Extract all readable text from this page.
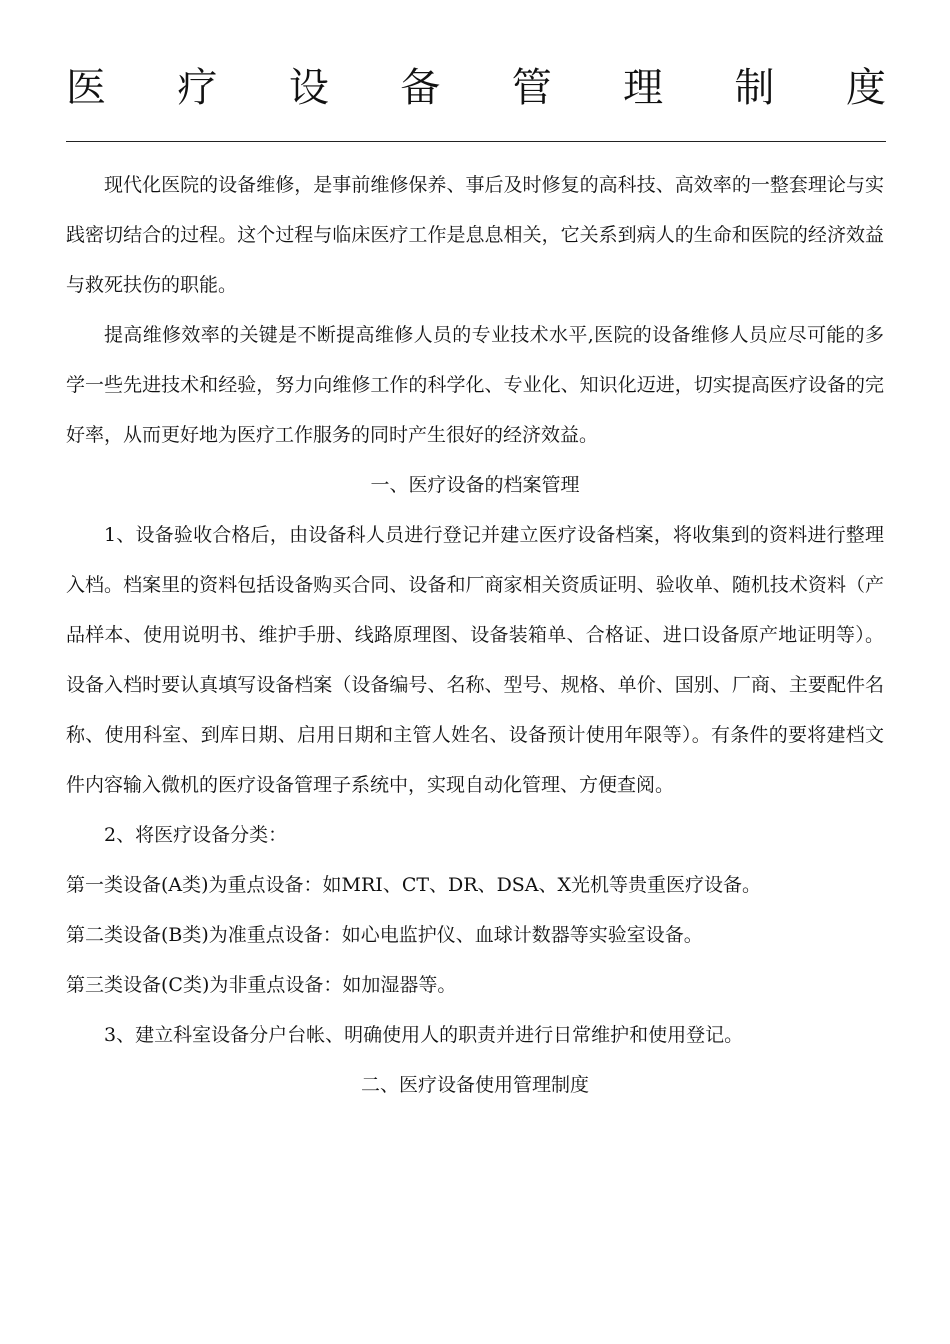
医 疗 设 备 管 理 制 度

现代化医院的设备维修，是事前维修保养、事后及时修复的高科技、高效率的一整套理论与实践密切结合的过程。这个过程与临床医疗工作是息息相关，它关系到病人的生命和医院的经济效益与救死扶伤的职能。

提高维修效率的关键是不断提高维修人员的专业技术水平,医院的设备维修人员应尽可能的多学一些先进技术和经验，努力向维修工作的科学化、专业化、知识化迈进，切实提高医疗设备的完好率，从而更好地为医疗工作服务的同时产生很好的经济效益。

一、医疗设备的档案管理

1、设备验收合格后，由设备科人员进行登记并建立医疗设备档案，将收集到的资料进行整理入档。档案里的资料包括设备购买合同、设备和厂商家相关资质证明、验收单、随机技术资料（产品样本、使用说明书、维护手册、线路原理图、设备装箱单、合格证、进口设备原产地证明等）。设备入档时要认真填写设备档案（设备编号、名称、型号、规格、单价、国别、厂商、主要配件名称、使用科室、到库日期、启用日期和主管人姓名、设备预计使用年限等）。有条件的要将建档文件内容输入微机的医疗设备管理子系统中，实现自动化管理、方便查阅。

2、将医疗设备分类：

第一类设备(A类)为重点设备：如MRI、CT、DR、DSA、X光机等贵重医疗设备。

第二类设备(B类)为准重点设备：如心电监护仪、血球计数器等实验室设备。

第三类设备(C类)为非重点设备：如加湿器等。

3、建立科室设备分户台帐、明确使用人的职责并进行日常维护和使用登记。

二、医疗设备使用管理制度
